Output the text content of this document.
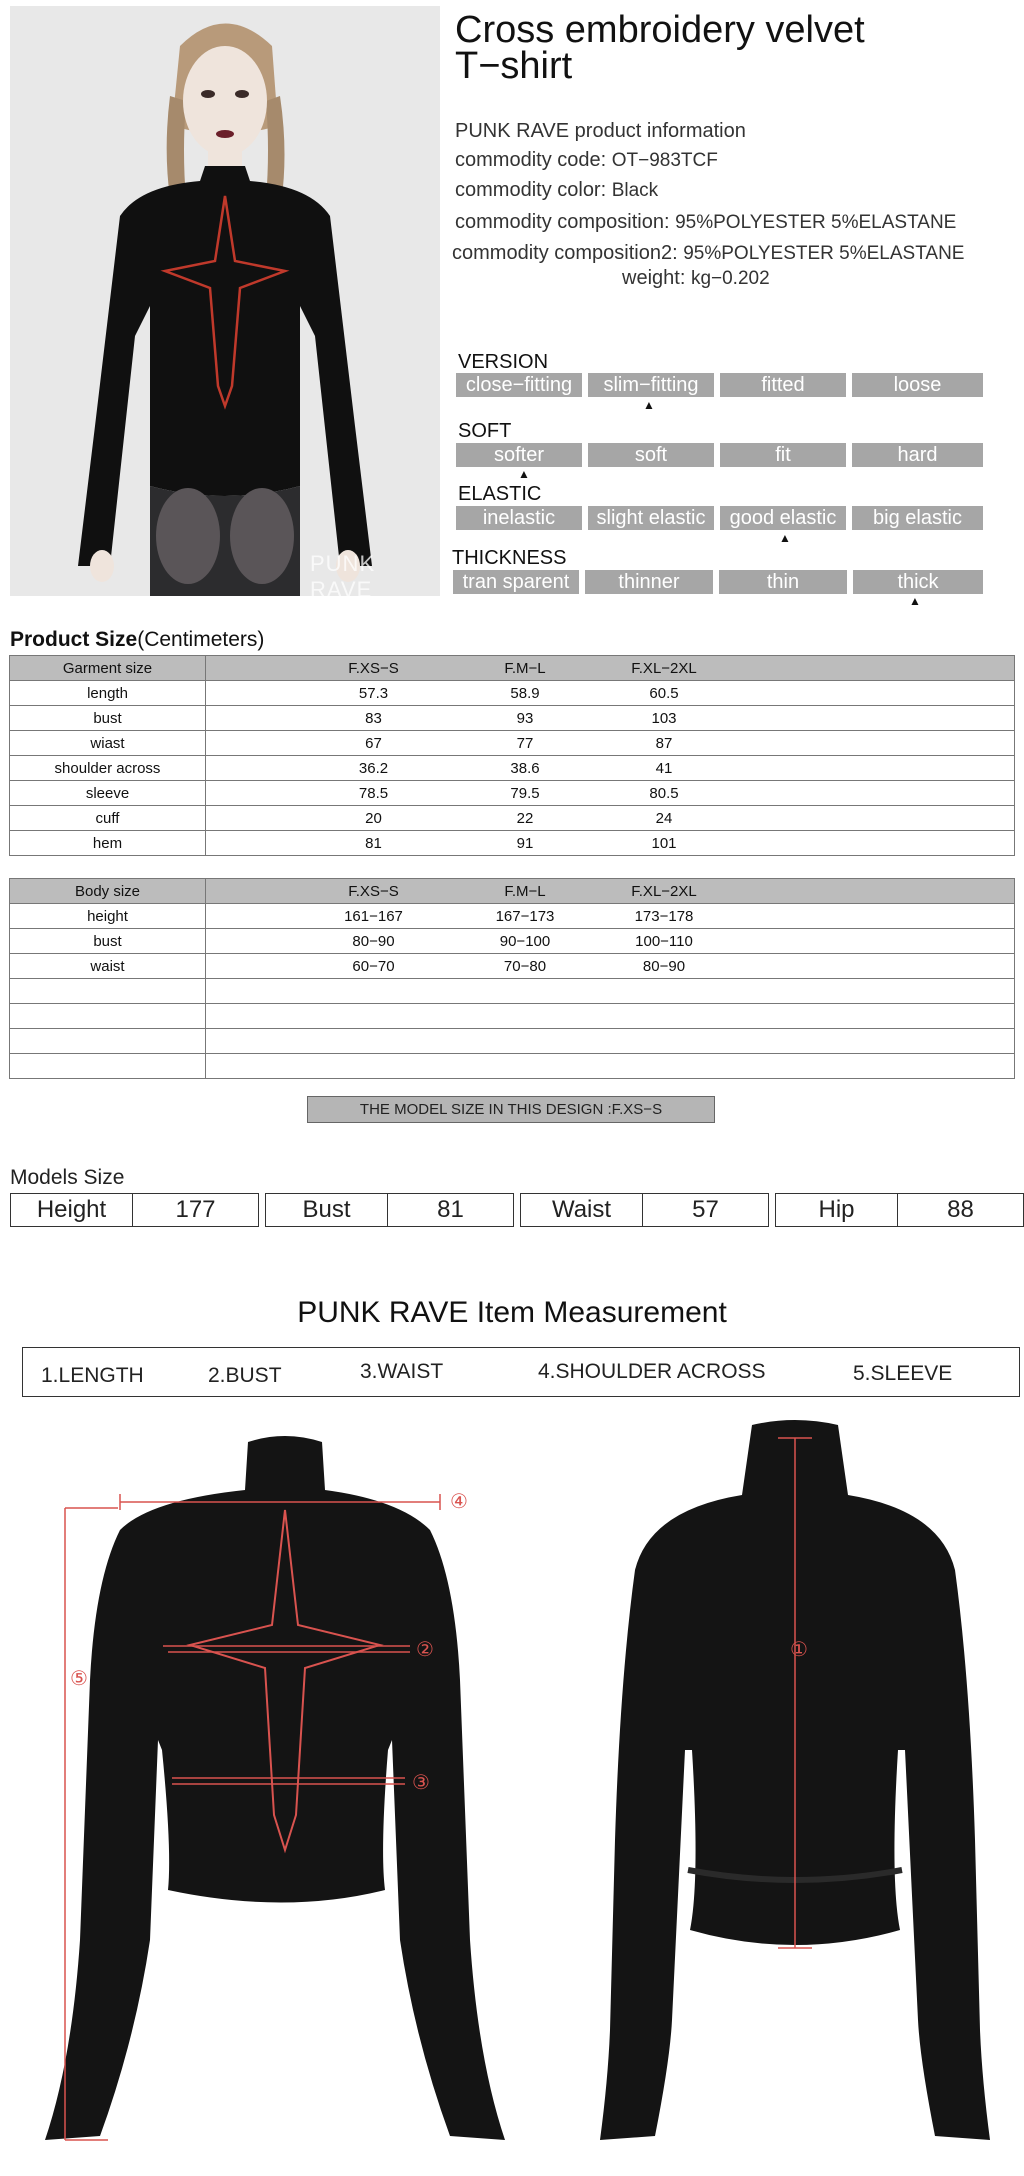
PUNK RAVE
Cross embroidery velvet
T−shirt
PUNK RAVE product information
commodity code: OT−983TCF
commodity color: Black
commodity composition: 95%POLYESTER 5%ELASTANE
commodity composition2: 95%POLYESTER 5%ELASTANE
weight: kg−0.202
VERSION
close−fitting	slim−fitting	fitted	loose
▲
SOFT
softer	soft	fit	hard
▲
ELASTIC
inelastic	slight elastic	good elastic	big elastic
▲
THICKNESS
tran sparent	thinner	thin	thick
▲
Product Size(Centimeters)
Garment size	F.XS−S F.M−L F.XL−2XL

length	57.3 58.9 60.5

bust	83 93 103

wiast	67 77 87

shoulder across	36.2 38.6 41

sleeve	78.5 79.5 80.5

cuff	20 22 24

hem	81 91 101
Body size	F.XS−S F.M−L F.XL−2XL

height	161−167 167−173 173−178

bust	80−90 90−100 100−110

waist	60−70 70−80 80−90

THE MODEL SIZE IN THIS DESIGN :F.XS−S
Models Size
Height	177	Bust	81	Waist	57	Hip	88
PUNK RAVE Item Measurement
1.LENGTH	2.BUST	3.WAIST	4.SHOULDER ACROSS	5.SLEEVE
④
②
③
⑤
①
